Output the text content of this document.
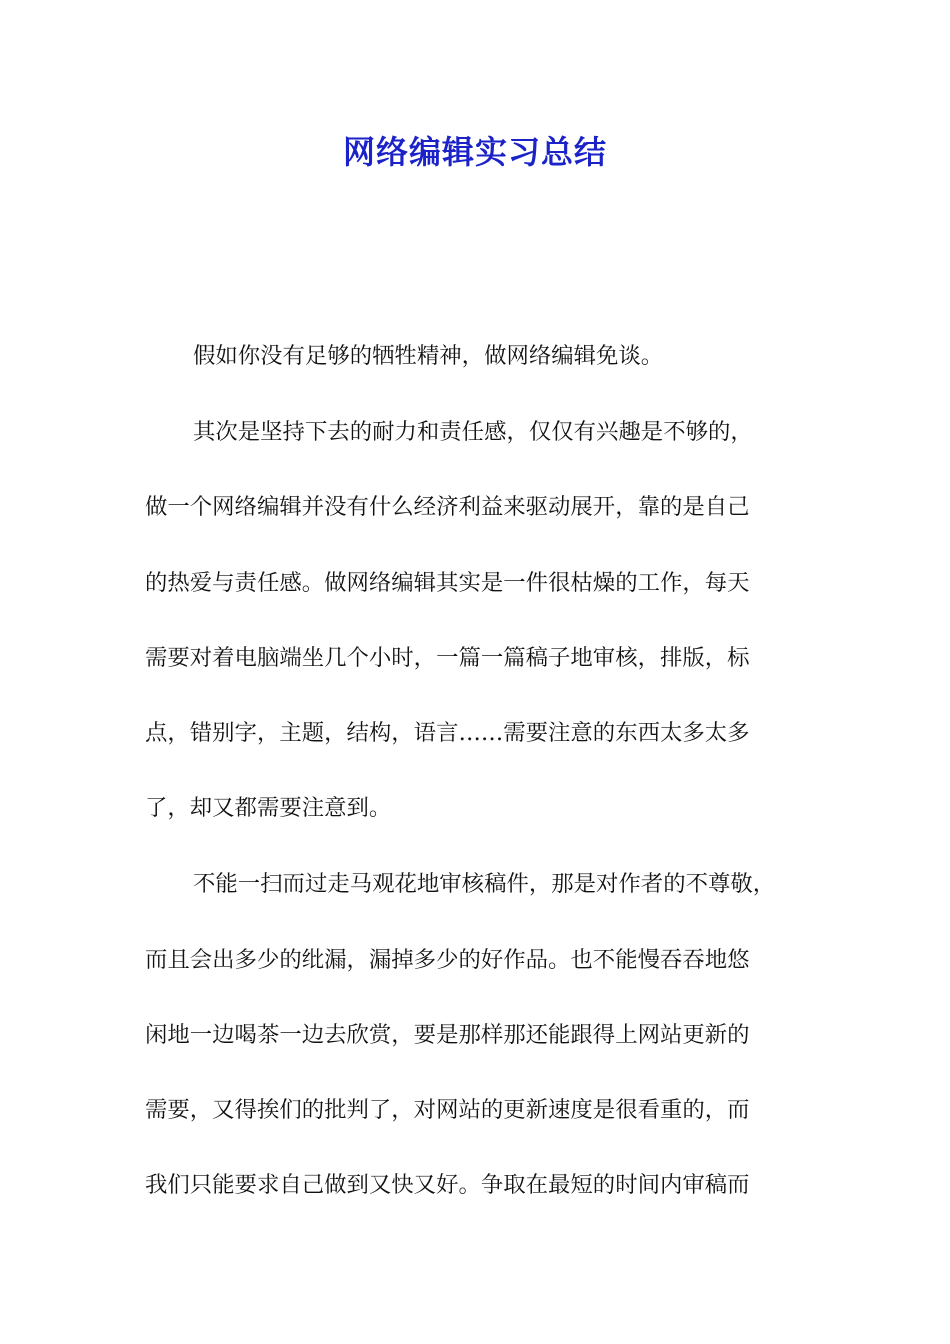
网络编辑实习总结
假如你没有足够的牺牲精神，做网络编辑免谈。
其次是坚持下去的耐力和责任感，仅仅有兴趣是不够的，
做一个网络编辑并没有什么经济利益来驱动展开，靠的是自己
的热爱与责任感。做网络编辑其实是一件很枯燥的工作，每天
需要对着电脑端坐几个小时，一篇一篇稿子地审核，排版，标
点，错别字，主题，结构，语言……需要注意的东西太多太多
了，却又都需要注意到。
不能一扫而过走马观花地审核稿件，那是对作者的不尊敬，
而且会出多少的纰漏，漏掉多少的好作品。也不能慢吞吞地悠
闲地一边喝茶一边去欣赏，要是那样那还能跟得上网站更新的
需要，又得挨们的批判了，对网站的更新速度是很看重的，而
我们只能要求自己做到又快又好。争取在最短的时间内审稿而
